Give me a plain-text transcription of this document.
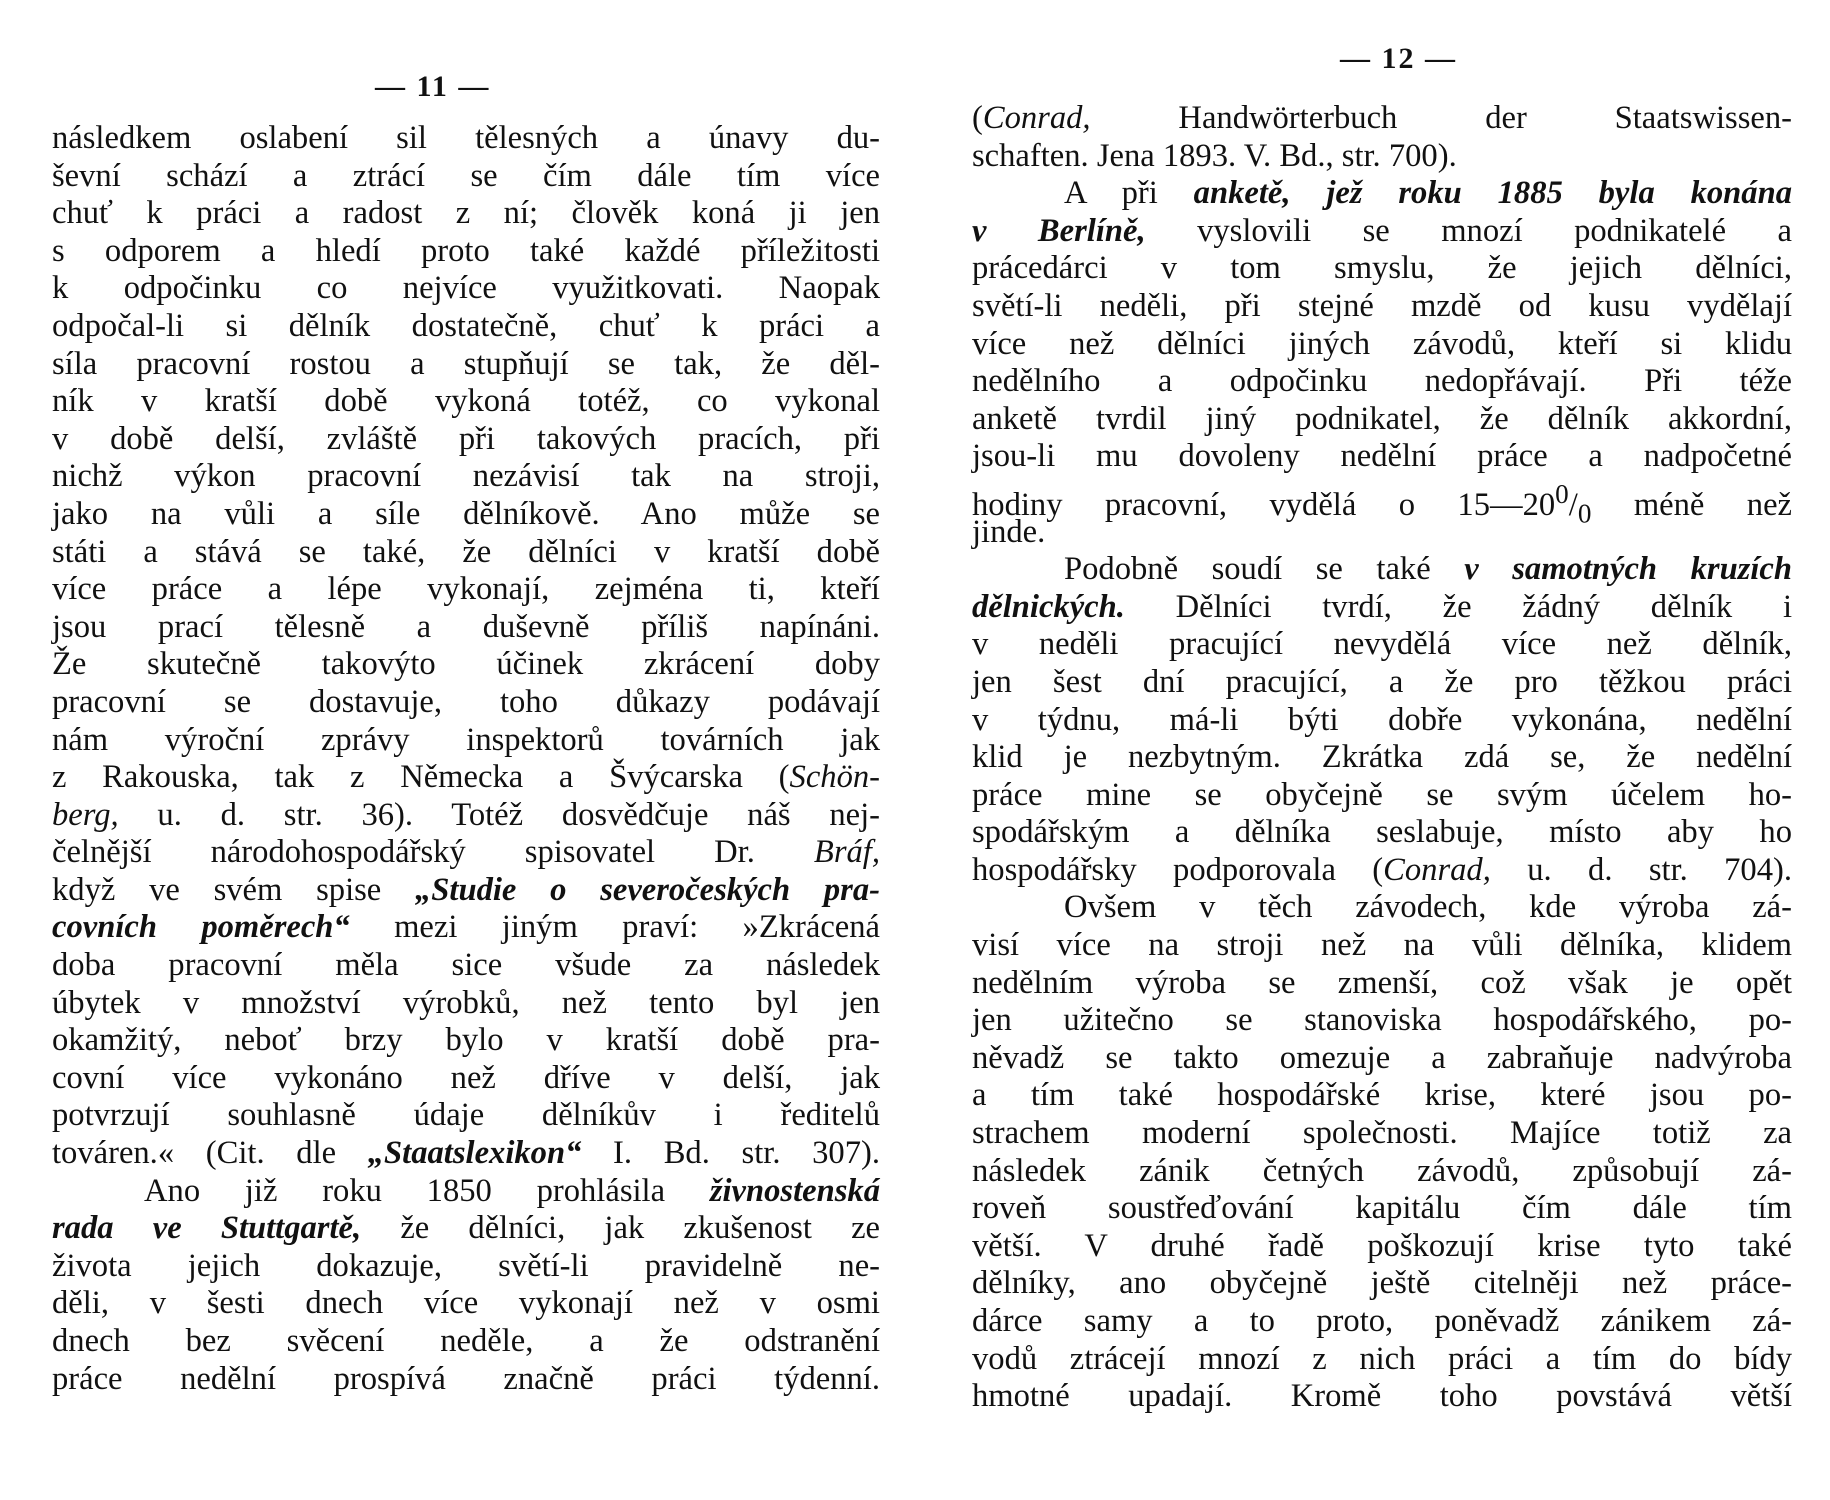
— 11 —
následkem oslabení sil tělesných a únavy du-
ševní schází a ztrácí se čím dále tím více
chuť k práci a radost z ní; člověk koná ji jen
s odporem a hledí proto také každé příležitosti
k odpočinku co nejvíce využitkovati. Naopak
odpočal-li si dělník dostatečně, chuť k práci a
síla pracovní rostou a stupňují se tak, že děl-
ník v kratší době vykoná totéž, co vykonal
v době delší, zvláště při takových pracích, při
nichž výkon pracovní nezávisí tak na stroji,
jako na vůli a síle dělníkově. Ano může se
státi a stává se také, že dělníci v kratší době
více práce a lépe vykonají, zejména ti, kteří
jsou prací tělesně a duševně příliš napínáni.
Že skutečně takovýto účinek zkrácení doby
pracovní se dostavuje, toho důkazy podávají
nám výroční zprávy inspektorů továrních jak
z Rakouska, tak z Německa a Švýcarska (Schön-
berg, u. d. str. 36). Totéž dosvědčuje náš nej-
čelnější národohospodářský spisovatel Dr. Bráf,
když ve svém spise „Studie o severočeských pra-
covních poměrech“ mezi jiným praví: »Zkrácená
doba pracovní měla sice všude za následek
úbytek v množství výrobků, než tento byl jen
okamžitý, neboť brzy bylo v kratší době pra-
covní více vykonáno než dříve v delší, jak
potvrzují souhlasně údaje dělníkův i ředitelů
továren.« (Cit. dle „Staatslexikon“ I. Bd. str. 307).
Ano již roku 1850 prohlásila živnostenská
rada ve Stuttgartě, že dělníci, jak zkušenost ze
života jejich dokazuje, světí-li pravidelně ne-
děli, v šesti dnech více vykonají než v osmi
dnech bez svěcení neděle, a že odstranění
práce nedělní prospívá značně práci týdenní.
— 12 —
(Conrad, Handwörterbuch der Staatswissen-
schaften. Jena 1893. V. Bd., str. 700).
A při anketě, jež roku 1885 byla konána
v Berlíně, vyslovili se mnozí podnikatelé a
prácedárci v tom smyslu, že jejich dělníci,
světí-li neděli, při stejné mzdě od kusu vydělají
více než dělníci jiných závodů, kteří si klidu
nedělního a odpočinku nedopřávají. Při téže
anketě tvrdil jiný podnikatel, že dělník akkordní,
jsou-li mu dovoleny nedělní práce a nadpočetné
hodiny pracovní, vydělá o $15—20^0/_0$ méně než
jinde.
Podobně soudí se také v samotných kruzích
dělnických. Dělníci tvrdí, že žádný dělník i
v neděli pracující nevydělá více než dělník,
jen šest dní pracující, a že pro těžkou práci
v týdnu, má-li býti dobře vykonána, nedělní
klid je nezbytným. Zkrátka zdá se, že nedělní
práce mine se obyčejně se svým účelem ho-
spodářským a dělníka seslabuje, místo aby ho
hospodářsky podporovala (Conrad, u. d. str. 704).
Ovšem v těch závodech, kde výroba zá-
visí více na stroji než na vůli dělníka, klidem
nedělním výroba se zmenší, což však je opět
jen užitečno se stanoviska hospodářského, po-
něvadž se takto omezuje a zabraňuje nadvýroba
a tím také hospodářské krise, které jsou po-
strachem moderní společnosti. Majíce totiž za
následek zánik četných závodů, způsobují zá-
roveň soustřeďování kapitálu čím dále tím
větší. V druhé řadě poškozují krise tyto také
dělníky, ano obyčejně ještě citelněji než práce-
dárce samy a to proto, poněvadž zánikem zá-
vodů ztrácejí mnozí z nich práci a tím do bídy
hmotné upadají. Kromě toho povstává větší
